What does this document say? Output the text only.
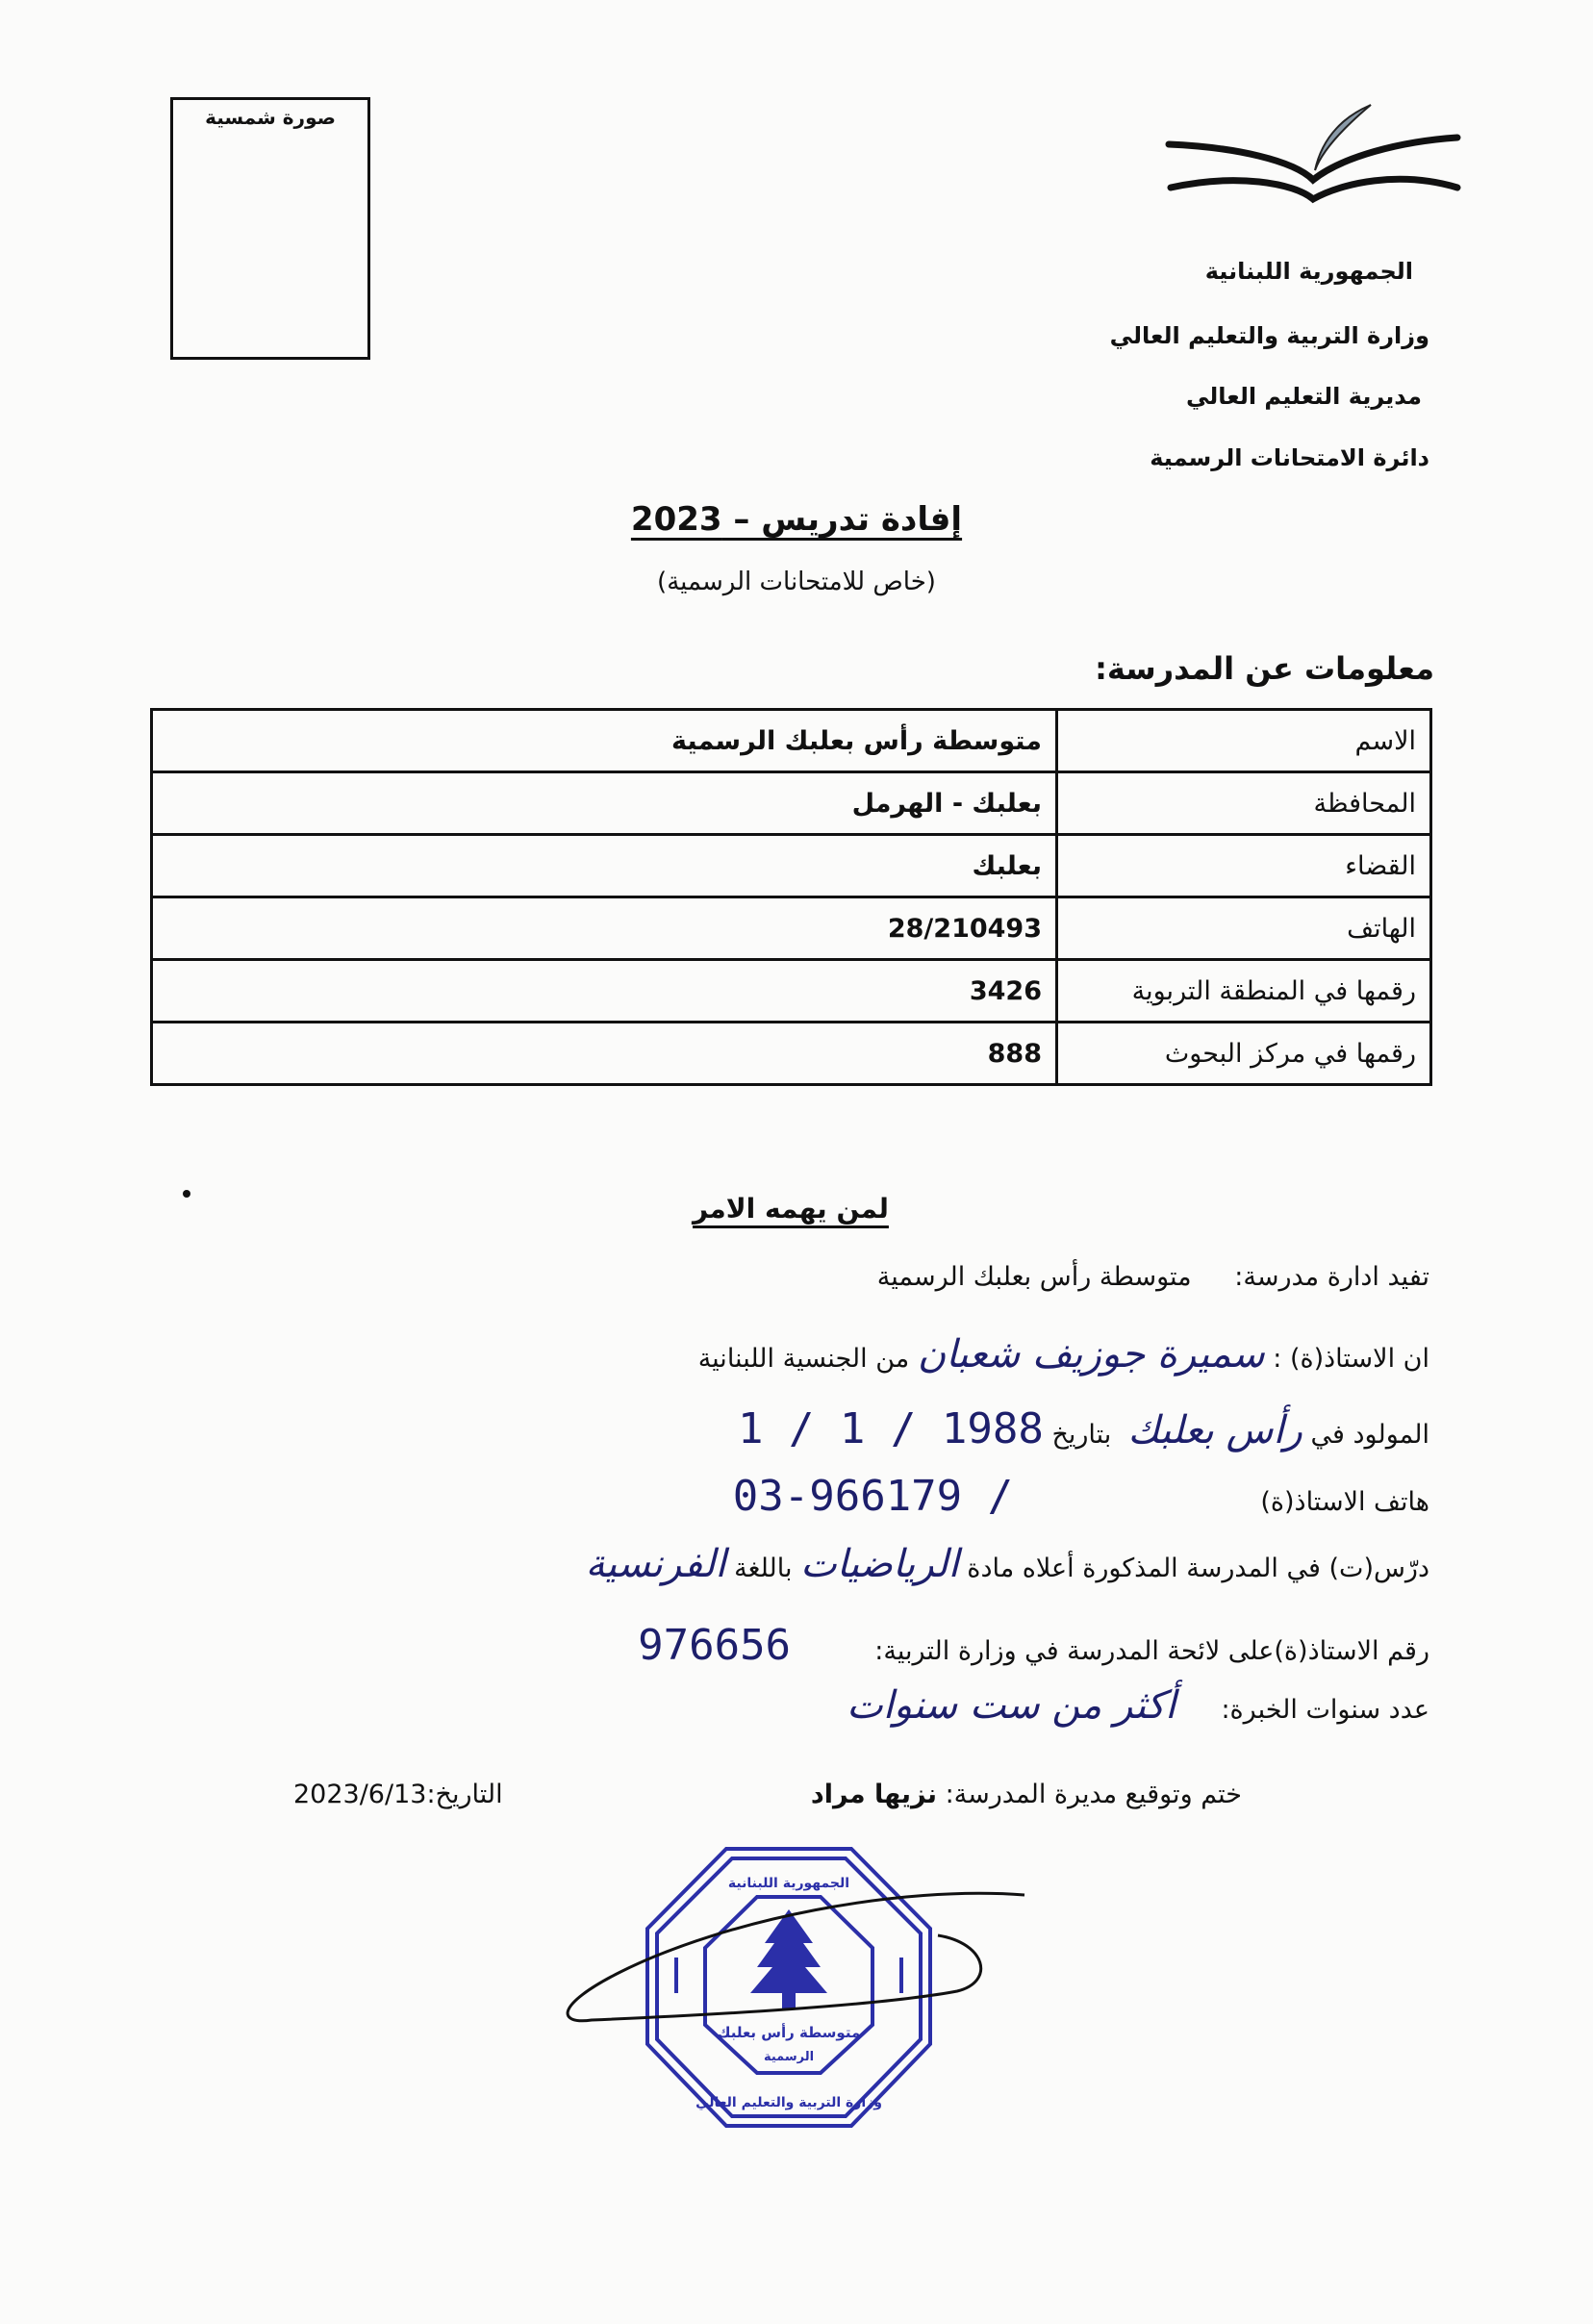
صورة شمسية
الجمهورية اللبنانية
وزارة التربية والتعليم العالي
مديرية التعليم العالي
دائرة الامتحانات الرسمية
إفادة تدريس – 2023
(خاص للامتحانات الرسمية)
معلومات عن المدرسة:
الاسم	متوسطة رأس بعلبك الرسمية
المحافظة	بعلبك - الهرمل
القضاء	بعلبك
الهاتف	28/210493
رقمها في المنطقة التربوية	3426
رقمها في مركز البحوث	888
لمن يهمه الامر
تفيد ادارة مدرسة: متوسطة رأس بعلبك الرسمية
ان الاستاذ(ة) : سميرة جوزيف شعبان من الجنسية اللبنانية
المولود في رأس بعلبك  بتاريخ 1 / 1 / 1988
هاتف الاستاذ(ة)  03-966179 /
درّس(ت) في المدرسة المذكورة أعلاه مادة الرياضيات باللغة الفرنسية
رقم الاستاذ(ة)على لائحة المدرسة في وزارة التربية:  976656
عدد سنوات الخبرة:  أكثر من ست سنوات
ختم وتوقيع مديرة المدرسة: نزيها مراد
التاريخ:2023/6/13
متوسطة رأس بعلبك
الرسمية
الجمهورية اللبنانية
وزارة التربية والتعليم العالي
